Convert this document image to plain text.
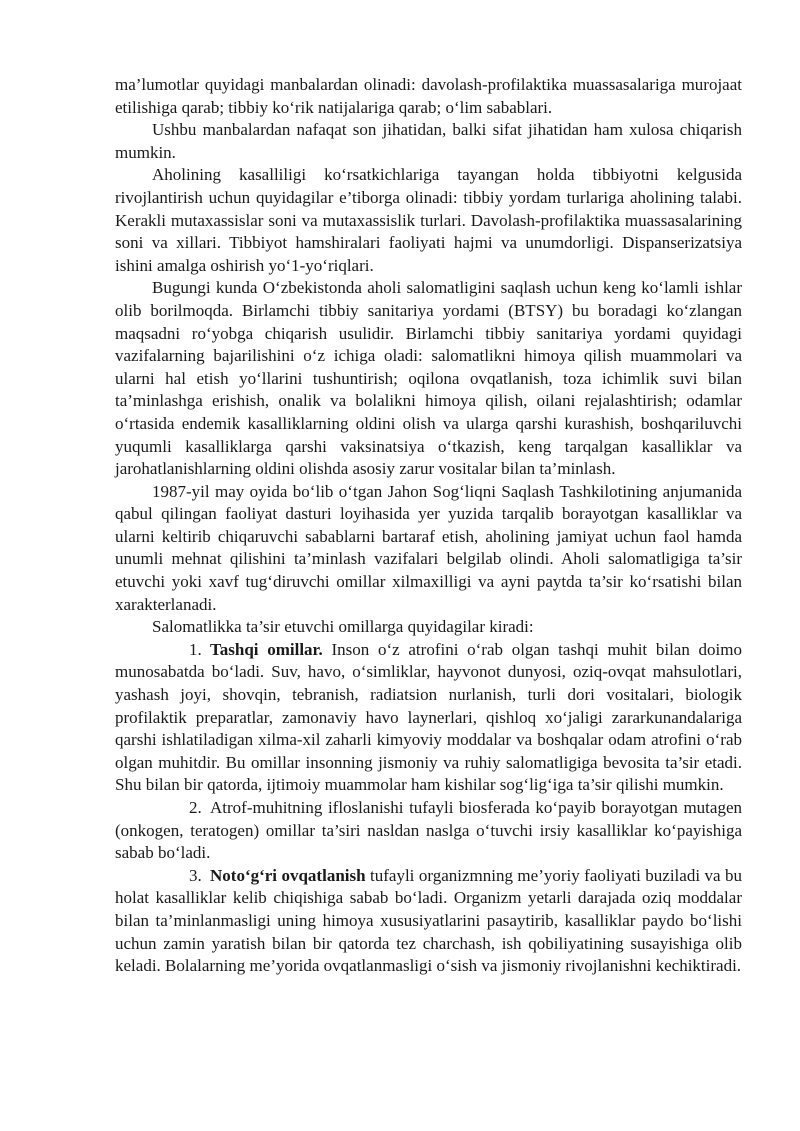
ma’lumotlar quyidagi manbalardan olinadi: davolash-profilaktika muassasalariga murojaat etilishiga qarab; tibbiy ko‘rik natijalariga qarab; o‘lim sabablari.

Ushbu manbalardan nafaqat son jihatidan, balki sifat jihatidan ham xulosa chiqarish mumkin.

Aholining kasalliligi ko‘rsatkichlariga tayangan holda tibbiyotni kelgusida rivojlantirish uchun quyidagilar e’tiborga olinadi: tibbiy yordam turlariga aholining talabi. Kerakli mutaxassislar soni va mutaxassislik turlari. Davolash-profilaktika muassasalarining soni va xillari. Tibbiyot hamshiralari faoliyati hajmi va unumdorligi. Dispanserizatsiya ishini amalga oshirish yo‘1-yo‘riqlari.

Bugungi kunda O‘zbekistonda aholi salomatligini saqlash uchun keng ko‘lamli ishlar olib borilmoqda. Birlamchi tibbiy sanitariya yordami (BTSY) bu boradagi ko‘zlangan maqsadni ro‘yobga chiqarish usulidir. Birlamchi tibbiy sanitariya yordami quyidagi vazifalarning bajarilishini o‘z ichiga oladi: salomatlikni himoya qilish muammolari va ularni hal etish yo‘llarini tushuntirish; oqilona ovqatlanish, toza ichimlik suvi bilan ta’minlashga erishish, onalik va bolalikni himoya qilish, oilani rejalashtirish; odamlar o‘rtasida endemik kasalliklarning oldini olish va ularga qarshi kurashish, boshqariluvchi yuqumli kasalliklarga qarshi vaksinatsiya o‘tkazish, keng tarqalgan kasalliklar va jarohatlanishlarning oldini olishda asosiy zarur vositalar bilan ta’minlash.

1987-yil may oyida bo‘lib o‘tgan Jahon Sog‘liqni Saqlash Tashkilotining anjumanida qabul qilingan faoliyat dasturi loyihasida yer yuzida tarqalib borayotgan kasalliklar va ularni keltirib chiqaruvchi sabablarni bartaraf etish, aholining jamiyat uchun faol hamda unumli mehnat qilishini ta’minlash vazifalari belgilab olindi. Aholi salomatligiga ta’sir etuvchi yoki xavf tug‘diruvchi omillar xilmaxilligi va ayni paytda ta’sir ko‘rsatishi bilan xarakterlanadi.

Salomatlikka ta’sir etuvchi omillarga quyidagilar kiradi:

1. Tashqi omillar. Inson o‘z atrofini o‘rab olgan tashqi muhit bilan doimo munosabatda bo‘ladi. Suv, havo, o‘simliklar, hayvonot dunyosi, oziq-ovqat mahsulotlari, yashash joyi, shovqin, tebranish, radiatsion nurlanish, turli dori vositalari, biologik profilaktik preparatlar, zamonaviy havo laynerlari, qishloq xo‘jaligi zararkunandalariga qarshi ishlatiladigan xilma-xil zaharli kimyoviy moddalar va boshqalar odam atrofini o‘rab olgan muhitdir. Bu omillar insonning jismoniy va ruhiy salomatligiga bevosita ta’sir etadi. Shu bilan bir qatorda, ijtimoiy muammolar ham kishilar sog‘lig‘iga ta’sir qilishi mumkin.

2. Atrof-muhitning ifloslanishi tufayli biosferada ko‘payib borayotgan mutagen (onkogen, teratogen) omillar ta’siri nasldan naslga o‘tuvchi irsiy kasalliklar ko‘payishiga sabab bo‘ladi.

3. Noto‘g‘ri ovqatlanish tufayli organizmning me’yoriy faoliyati buziladi va bu holat kasalliklar kelib chiqishiga sabab bo‘ladi. Organizm yetarli darajada oziq moddalar bilan ta’minlanmasligi uning himoya xususiyatlarini pasaytirib, kasalliklar paydo bo‘lishi uchun zamin yaratish bilan bir qatorda tez charchash, ish qobiliyatining susayishiga olib keladi. Bolalarning me’yorida ovqatlanmasligi o‘sish va jismoniy rivojlanishni kechiktiradi.
